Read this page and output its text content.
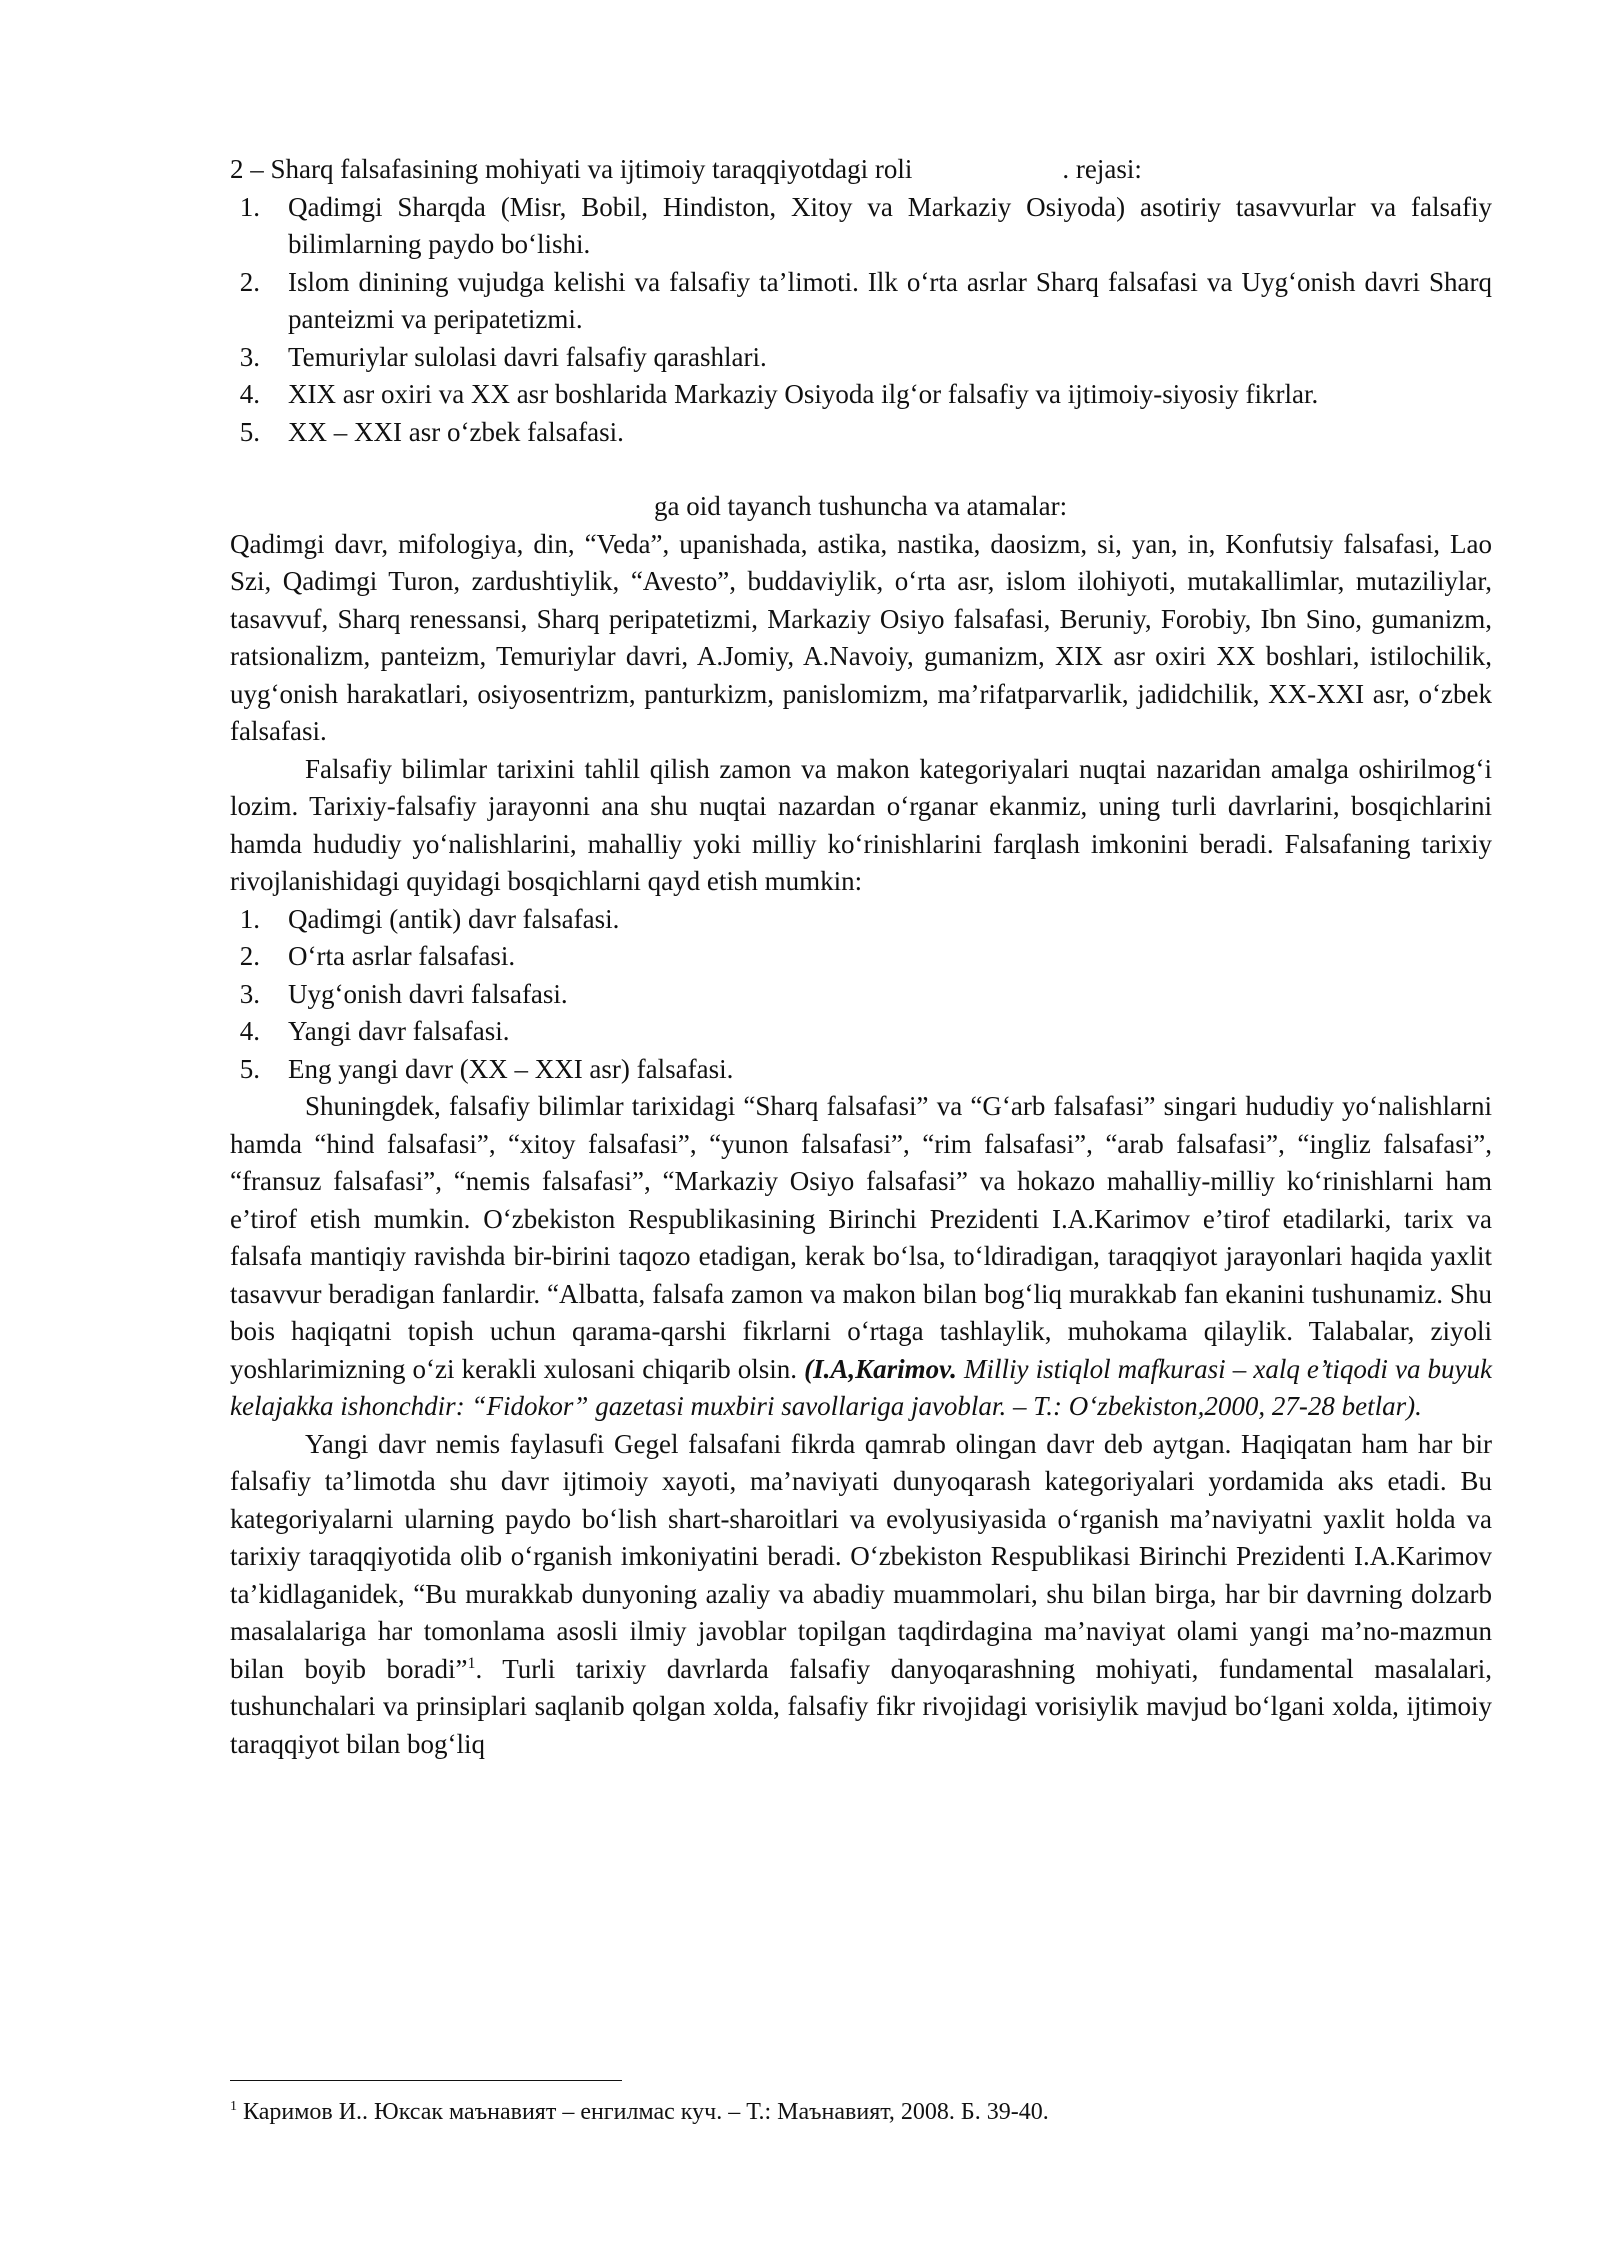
2 – Sharq falsafasining mohiyati va ijtimoiy taraqqiyotdagi roli	. rejasi:
1. Qadimgi Sharqda (Misr, Bobil, Hindiston, Xitoy va Markaziy Osiyoda) asotiriy tasavvurlar va falsafiy bilimlarning paydo bo‘lishi.
2. Islom dinining vujudga kelishi va falsafiy ta’limoti. Ilk o‘rta asrlar Sharq falsafasi va Uyg‘onish davri Sharq panteizmi va peripatetizmi.
3. Temuriylar sulolasi davri falsafiy qarashlari.
4. XIX asr oxiri va XX asr boshlarida Markaziy Osiyoda ilg‘or falsafiy va ijtimoiy-siyosiy fikrlar.
5. XX – XXI asr o‘zbek falsafasi.
ga oid tayanch tushuncha va atamalar:
Qadimgi davr, mifologiya, din, “Veda”, upanishada, astika, nastika, daosizm, si, yan, in, Konfutsiy falsafasi, Lao Szi, Qadimgi Turon, zardushtiylik, “Avesto”, buddaviylik, o‘rta asr, islom ilohiyoti, mutakallimlar, mutaziliylar, tasavvuf, Sharq renessansi, Sharq peripatetizmi, Markaziy Osiyo falsafasi, Beruniy, Forobiy, Ibn Sino, gumanizm, ratsionalizm, panteizm, Temuriylar davri, A.Jomiy, A.Navoiy, gumanizm, XIX asr oxiri XX boshlari, istilochilik, uyg‘onish harakatlari, osiyosentrizm, panturkizm, panislomizm, ma’rifatparvarlik, jadidchilik, XX-XXI asr, o‘zbek falsafasi.
Falsafiy bilimlar tarixini tahlil qilish zamon va makon kategoriyalari nuqtai nazaridan amalga oshirilmog‘i lozim. Tarixiy-falsafiy jarayonni ana shu nuqtai nazardan o‘rganar ekanmiz, uning turli davrlarini, bosqichlarini hamda hududiy yo‘nalishlarini, mahalliy yoki milliy ko‘rinishlarini farqlash imkonini beradi. Falsafaning tarixiy rivojlanishidagi quyidagi bosqichlarni qayd etish mumkin:
1. Qadimgi (antik) davr falsafasi.
2. O‘rta asrlar falsafasi.
3. Uyg‘onish davri falsafasi.
4. Yangi davr falsafasi.
5. Eng yangi davr (XX – XXI asr) falsafasi.
Shuningdek, falsafiy bilimlar tarixidagi “Sharq falsafasi” va “G‘arb falsafasi” singari hududiy yo‘nalishlarni hamda “hind falsafasi”, “xitoy falsafasi”, “yunon falsafasi”, “rim falsafasi”, “arab falsafasi”, “ingliz falsafasi”, “fransuz falsafasi”, “nemis falsafasi”, “Markaziy Osiyo falsafasi” va hokazo mahalliy-milliy ko‘rinishlarni ham e’tirof etish mumkin. O‘zbekiston Respublikasining Birinchi Prezidenti I.A.Karimov e’tirof etadilarki, tarix va falsafa mantiqiy ravishda bir-birini taqozo etadigan, kerak bo‘lsa, to‘ldiradigan, taraqqiyot jarayonlari haqida yaxlit tasavvur beradigan fanlardir. “Albatta, falsafa zamon va makon bilan bog‘liq murakkab fan ekanini tushunamiz. Shu bois haqiqatni topish uchun qarama-qarshi fikrlarni o‘rtaga tashlaylik, muhokama qilaylik. Talabalar, ziyoli yoshlarimizning o‘zi kerakli xulosani chiqarib olsin. (I.A,Karimov. Milliy istiqlol mafkurasi – xalq e’tiqodi va buyuk kelajakka ishonchdir: “Fidokor” gazetasi muxbiri savollariga javoblar. – T.: O‘zbekiston,2000, 27-28 betlar).
Yangi davr nemis faylasufi Gegel falsafani fikrda qamrab olingan davr deb aytgan. Haqiqatan ham har bir falsafiy ta’limotda shu davr ijtimoiy xayoti, ma’naviyati dunyoqarash kategoriyalari yordamida aks etadi. Bu kategoriyalarni ularning paydo bo‘lish shart-sharoitlari va evolyusiyasida o‘rganish ma’naviyatni yaxlit holda va tarixiy taraqqiyotida olib o‘rganish imkoniyatini beradi. O‘zbekiston Respublikasi Birinchi Prezidenti I.A.Karimov ta’kidlaganidek, “Bu murakkab dunyoning azaliy va abadiy muammolari, shu bilan birga, har bir davrning dolzarb masalalariga har tomonlama asosli ilmiy javoblar topilgan taqdirdagina ma’naviyat olami yangi ma’no-mazmun bilan boyib boradi”$^1$. Turli tarixiy davrlarda falsafiy danyoqarashning mohiyati, fundamental masalalari, tushunchalari va prinsiplari saqlanib qolgan xolda, falsafiy fikr rivojidagi vorisiylik mavjud bo‘lgani xolda, ijtimoiy taraqqiyot bilan bog‘liq
$^1$ Каримов И.. Юксак маънавият – енгилмас куч. – Т.: Маънавият, 2008. Б. 39-40.
